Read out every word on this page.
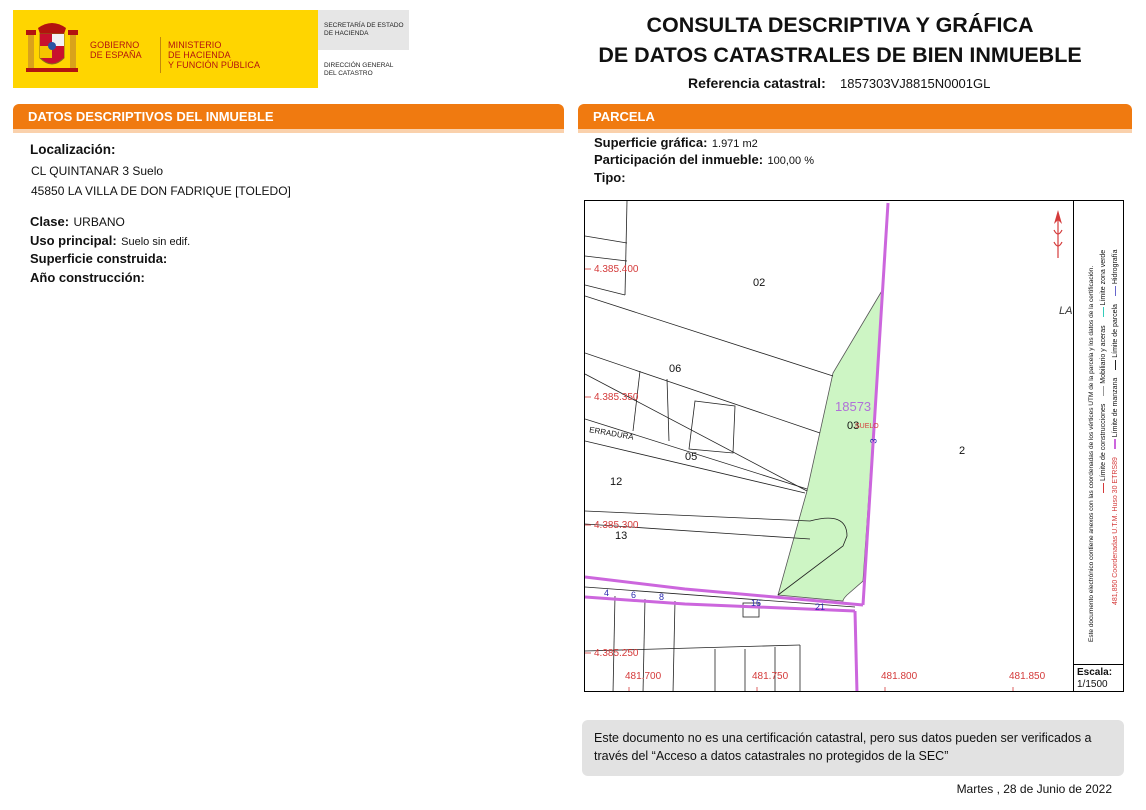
GOBIERNO
DE ESPAÑA
MINISTERIO
DE HACIENDA
Y FUNCIÓN PÚBLICA
SECRETARÍA DE ESTADO
DE HACIENDA
DIRECCIÓN GENERAL
DEL CATASTRO
CONSULTA DESCRIPTIVA Y GRÁFICA
DE DATOS CATASTRALES DE BIEN INMUEBLE
Referencia catastral: 1857303VJ8815N0001GL
DATOS DESCRIPTIVOS DEL INMUEBLE
Localización:
CL QUINTANAR 3 Suelo
45850 LA VILLA DE DON FADRIQUE [TOLEDO]
Clase: URBANO
Uso principal: Suelo sin edif.
Superficie construida:
Año construcción:
PARCELA
Superficie gráfica: 1.971 m2
Participación del inmueble: 100,00 %
Tipo:
4.385.400
4.385.350
4.385.300
4.385.250
481.700	481.750	481.800	481.850
02
06
05
03
2
12
13
4 6	8
16	21
3
18573
SUELO
ERRADURA
LA
481,850 Coordenadas U.T.M. Huso 30 ETRS89  Límite de manzana  Límite de parcela  Hidrografía
Límite de construcciones  Mobiliario y aceras  Límite zona verde
Este documento electrónico contiene anexos con las coordenadas de los vértices UTM de la parcela y los datos de la certificación.
Escala:
1/1500
Este documento no es una certificación catastral, pero sus datos pueden ser verificados a
través del “Acceso a datos catastrales no protegidos de la SEC”
Martes , 28 de Junio de 2022
